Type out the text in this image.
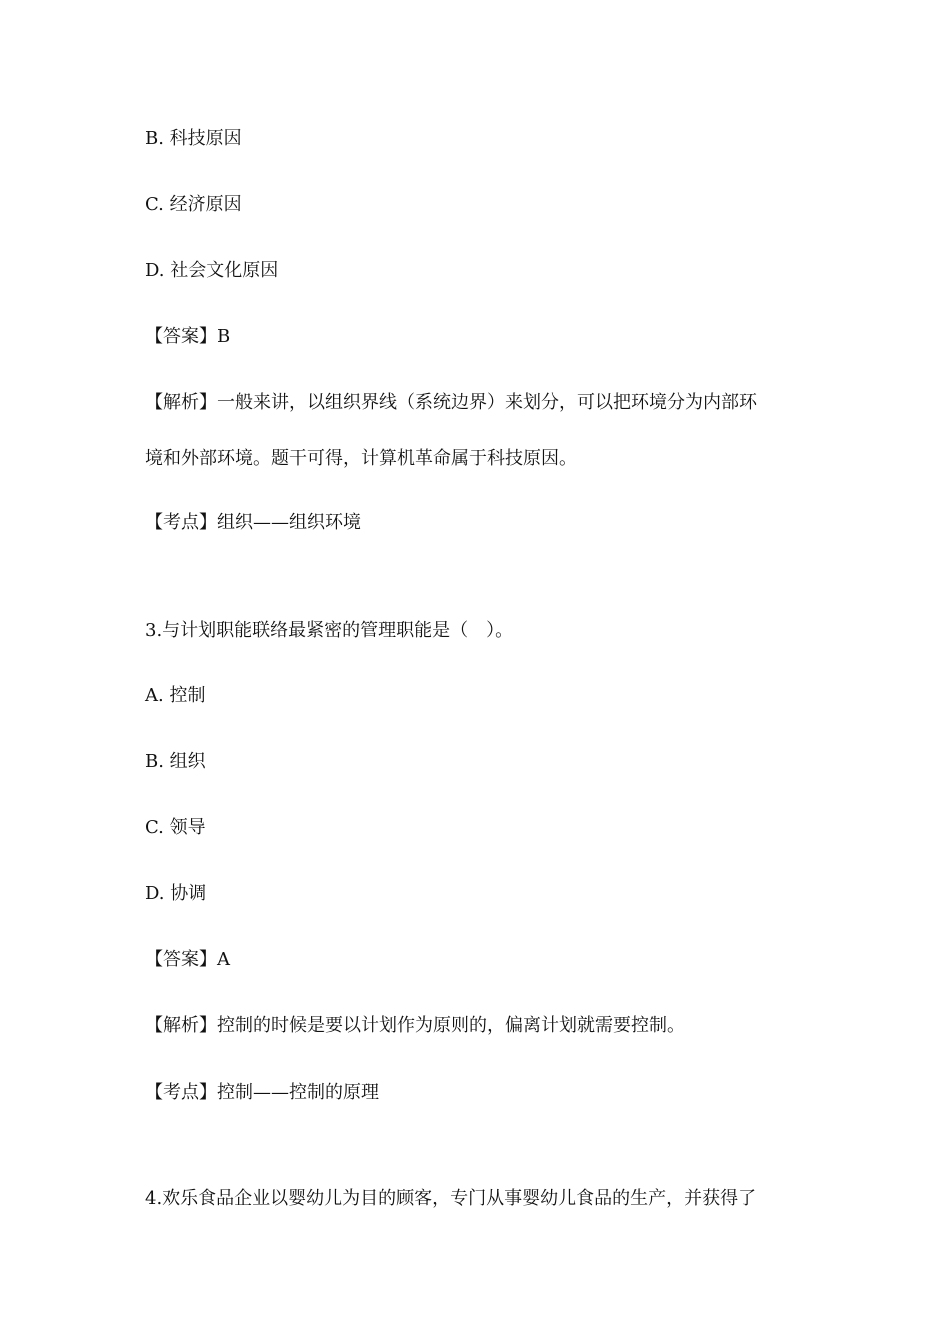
B. 科技原因
C. 经济原因
D. 社会文化原因
【答案】B
【解析】一般来讲，以组织界线（系统边界）来划分，可以把环境分为内部环
境和外部环境。题干可得，计算机革命属于科技原因。
【考点】组织——组织环境
3.与计划职能联络最紧密的管理职能是（　）。
A. 控制
B. 组织
C. 领导
D. 协调
【答案】A
【解析】控制的时候是要以计划作为原则的，偏离计划就需要控制。
【考点】控制——控制的原理
4.欢乐食品企业以婴幼儿为目的顾客，专门从事婴幼儿食品的生产，并获得了
